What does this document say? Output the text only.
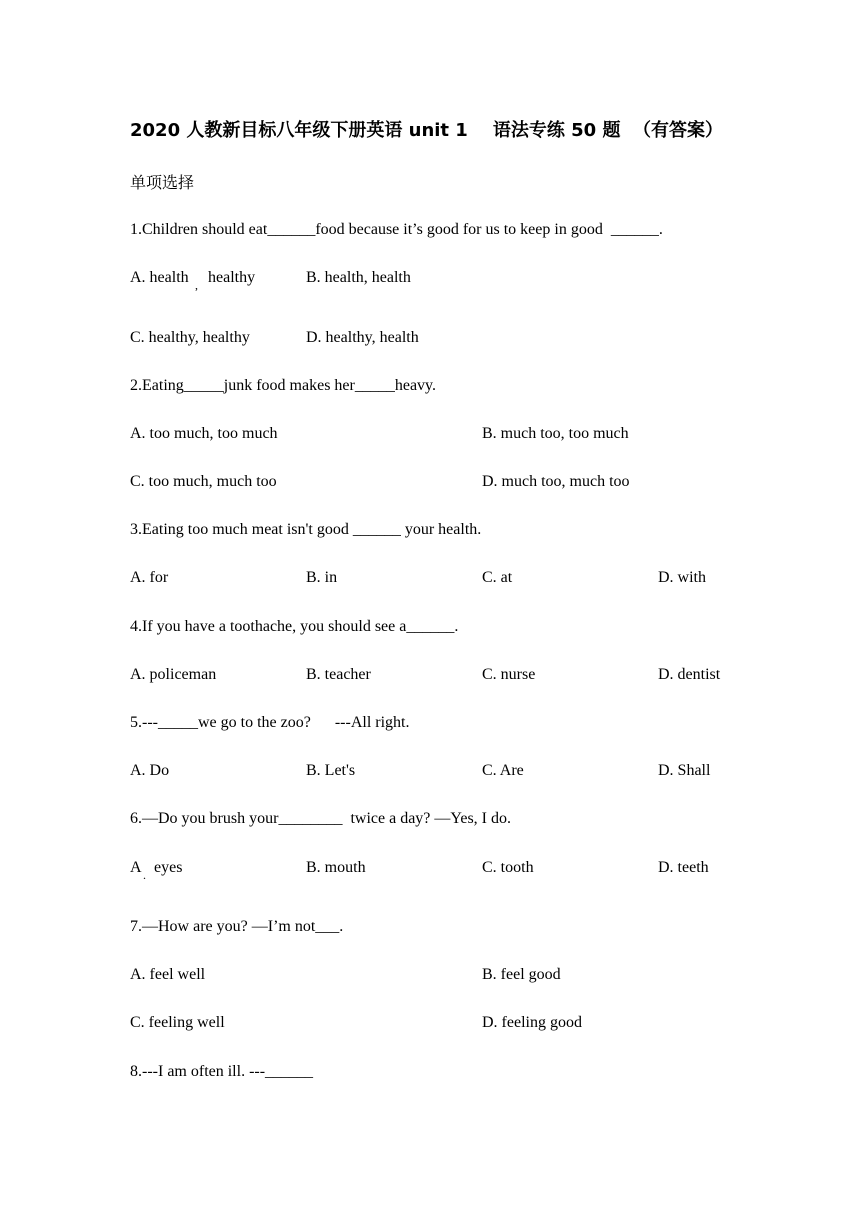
2020 人教新目标八年级下册英语 unit 1    语法专练 50 题  （有答案）
单项选择
1.Children should eat______food because it’s good for us to keep in good  ______.
A. health , healthy	B. health, health
C. healthy, healthy	D. healthy, health
2.Eating_____junk food makes her_____heavy.
A. too much, too much	B. much too, too much
C. too much, much too	D. much too, much too
3.Eating too much meat isn't good ______ your health.
A. for	B. in	C. at	D. with
4.If you have a toothache, you should see a______.
A. policeman	B. teacher	C. nurse	D. dentist
5.---_____we go to the zoo?      ---All right.
A. Do	B. Let's	C. Are	D. Shall
6.—Do you brush your________  twice a day? —Yes, I do.
A . eyes	B. mouth	C. tooth	D. teeth
7.—How are you? —I’m not___.
A. feel well	B. feel good
C. feeling well	D. feeling good
8.---I am often ill. ---______
